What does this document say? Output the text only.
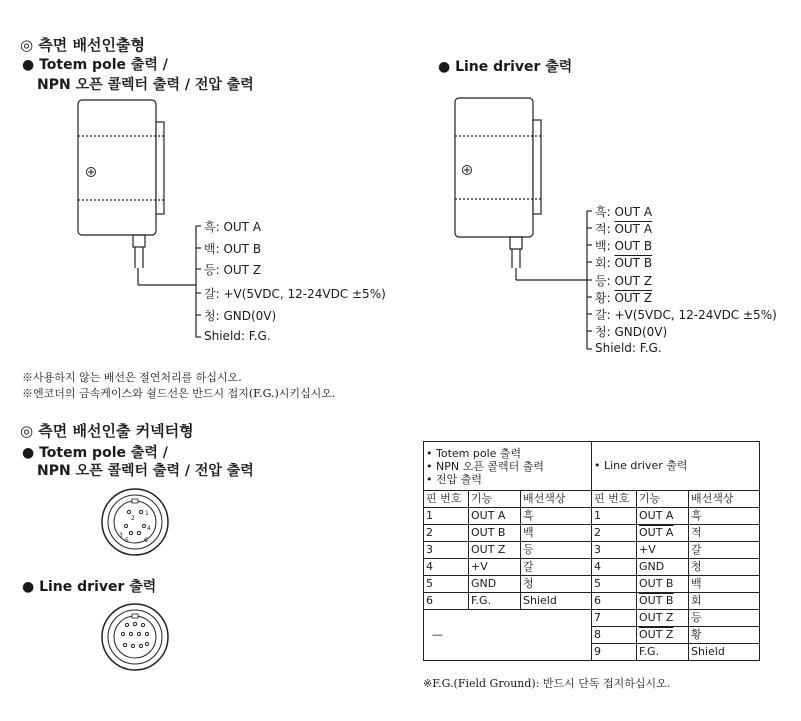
◎ 측면 배선인출형
● Totem pole 출력 /
NPN 오픈 콜렉터 출력 / 전압 출력
● Line driver 출력
1
2
3
4
5	6
흑: OUT A
백: OUT B
등: OUT Z
갈: +V(5VDC, 12-24VDC ±5%)
청: GND(0V)
Shield: F.G.
흑: OUT A
적: OUT A
백: OUT B
회: OUT B
등: OUT Z
황: OUT Z
갈: +V(5VDC, 12-24VDC ±5%)
청: GND(0V)
Shield: F.G.
※사용하지 않는 배선은 절연처리를 하십시오.
※엔코더의 금속케이스와 쉴드선은 반드시 접지(F.G.)시키십시오.
◎ 측면 배선인출 커넥터형
● Totem pole 출력 /
NPN 오픈 콜렉터 출력 / 전압 출력
● Line driver 출력
• Totem pole 출력
• NPN 오픈 콜렉터 출력
• 전압 출력			• Line driver 출력		
핀 번호	기능	배선색상	핀 번호	기능	배선색상
1	OUT A	흑	1	OUT A	흑
2	OUT B	백	2	OUT A	적
3	OUT Z	등	3	+V	갈
4	+V	갈	4	GND	청
5	GND	청	5	OUT B	백
6	F.G.	Shield	6	OUT B	회
—			7	OUT Z	등
			8	OUT Z	황
			9	F.G.	Shield
※F.G.(Field Ground): 반드시 단독 접지하십시오.
